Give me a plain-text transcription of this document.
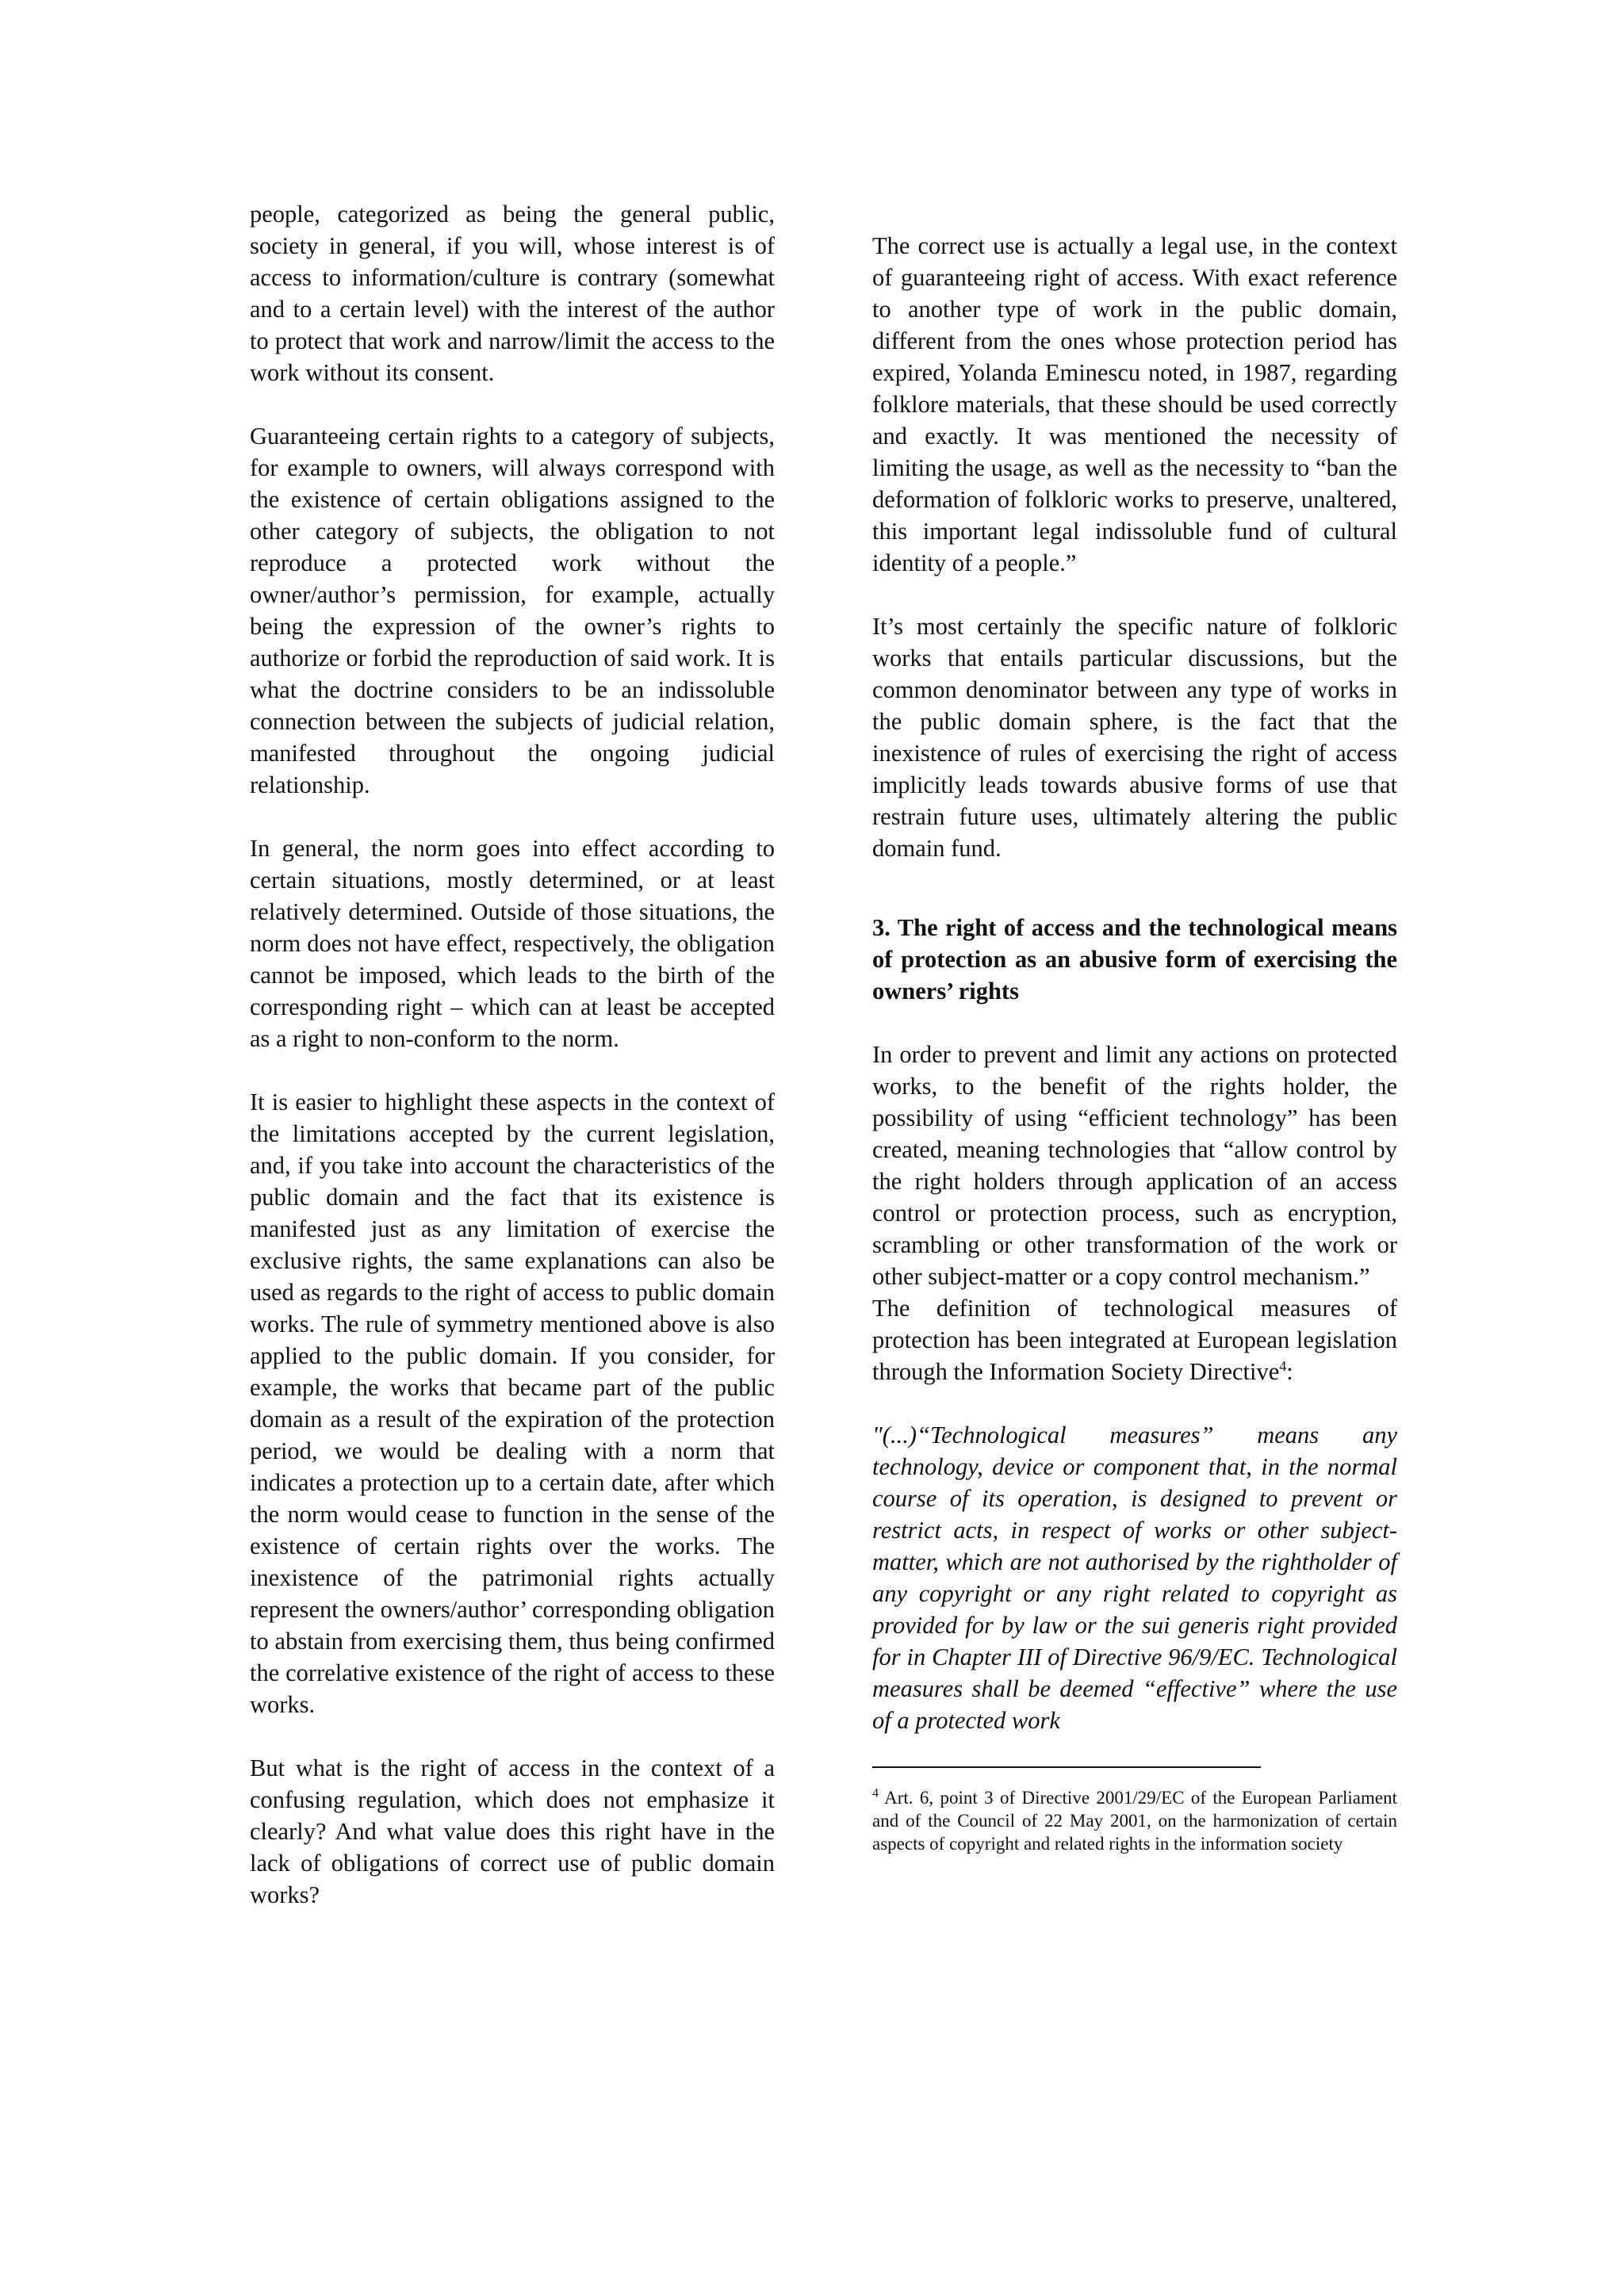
people, categorized as being the general public, society in general, if you will, whose interest is of access to information/culture is contrary (somewhat and to a certain level) with the interest of the author to protect that work and narrow/limit the access to the work without its consent.

Guaranteeing certain rights to a category of subjects, for example to owners, will always correspond with the existence of certain obligations assigned to the other category of subjects, the obligation to not reproduce a protected work without the owner/author’s permission, for example, actually being the expression of the owner’s rights to authorize or forbid the reproduction of said work. It is what the doctrine considers to be an indissoluble connection between the subjects of judicial relation, manifested throughout the ongoing judicial relationship.

In general, the norm goes into effect according to certain situations, mostly determined, or at least relatively determined. Outside of those situations, the norm does not have effect, respectively, the obligation cannot be imposed, which leads to the birth of the corresponding right – which can at least be accepted as a right to non-conform to the norm.

It is easier to highlight these aspects in the context of the limitations accepted by the current legislation, and, if you take into account the characteristics of the public domain and the fact that its existence is manifested just as any limitation of exercise the exclusive rights, the same explanations can also be used as regards to the right of access to public domain works. The rule of symmetry mentioned above is also applied to the public domain. If you consider, for example, the works that became part of the public domain as a result of the expiration of the protection period, we would be dealing with a norm that indicates a protection up to a certain date, after which the norm would cease to function in the sense of the existence of certain rights over the works. The inexistence of the patrimonial rights actually represent the owners/author’ corresponding obligation to abstain from exercising them, thus being confirmed the correlative existence of the right of access to these works.

But what is the right of access in the context of a confusing regulation, which does not emphasize it clearly? And what value does this right have in the lack of obligations of correct use of public domain works?

The correct use is actually a legal use, in the context of guaranteeing right of access. With exact reference to another type of work in the public domain, different from the ones whose protection period has expired, Yolanda Eminescu noted, in 1987, regarding folklore materials, that these should be used correctly and exactly. It was mentioned the necessity of limiting the usage, as well as the necessity to “ban the deformation of folkloric works to preserve, unaltered, this important legal indissoluble fund of cultural identity of a people.”

It’s most certainly the specific nature of folkloric works that entails particular discussions, but the common denominator between any type of works in the public domain sphere, is the fact that the inexistence of rules of exercising the right of access implicitly leads towards abusive forms of use that restrain future uses, ultimately altering the public domain fund.

3. The right of access and the technological means of protection as an abusive form of exercising the owners’ rights

In order to prevent and limit any actions on protected works, to the benefit of the rights holder, the possibility of using “efficient technology” has been created, meaning technologies that “allow control by the right holders through application of an access control or protection process, such as encryption, scrambling or other transformation of the work or other subject-matter or a copy control mechanism.”

The definition of technological measures of protection has been integrated at European legislation through the Information Society Directive$^4$:

"(...)“Technological measures” means any technology, device or component that, in the normal course of its operation, is designed to prevent or restrict acts, in respect of works or other subject-matter, which are not authorised by the rightholder of any copyright or any right related to copyright as provided for by law or the sui generis right provided for in Chapter III of Directive 96/9/EC. Technological measures shall be deemed “effective” where the use of a protected work

$^4$ Art. 6, point 3 of Directive 2001/29/EC of the European Parliament and of the Council of 22 May 2001, on the harmonization of certain aspects of copyright and related rights in the information society
